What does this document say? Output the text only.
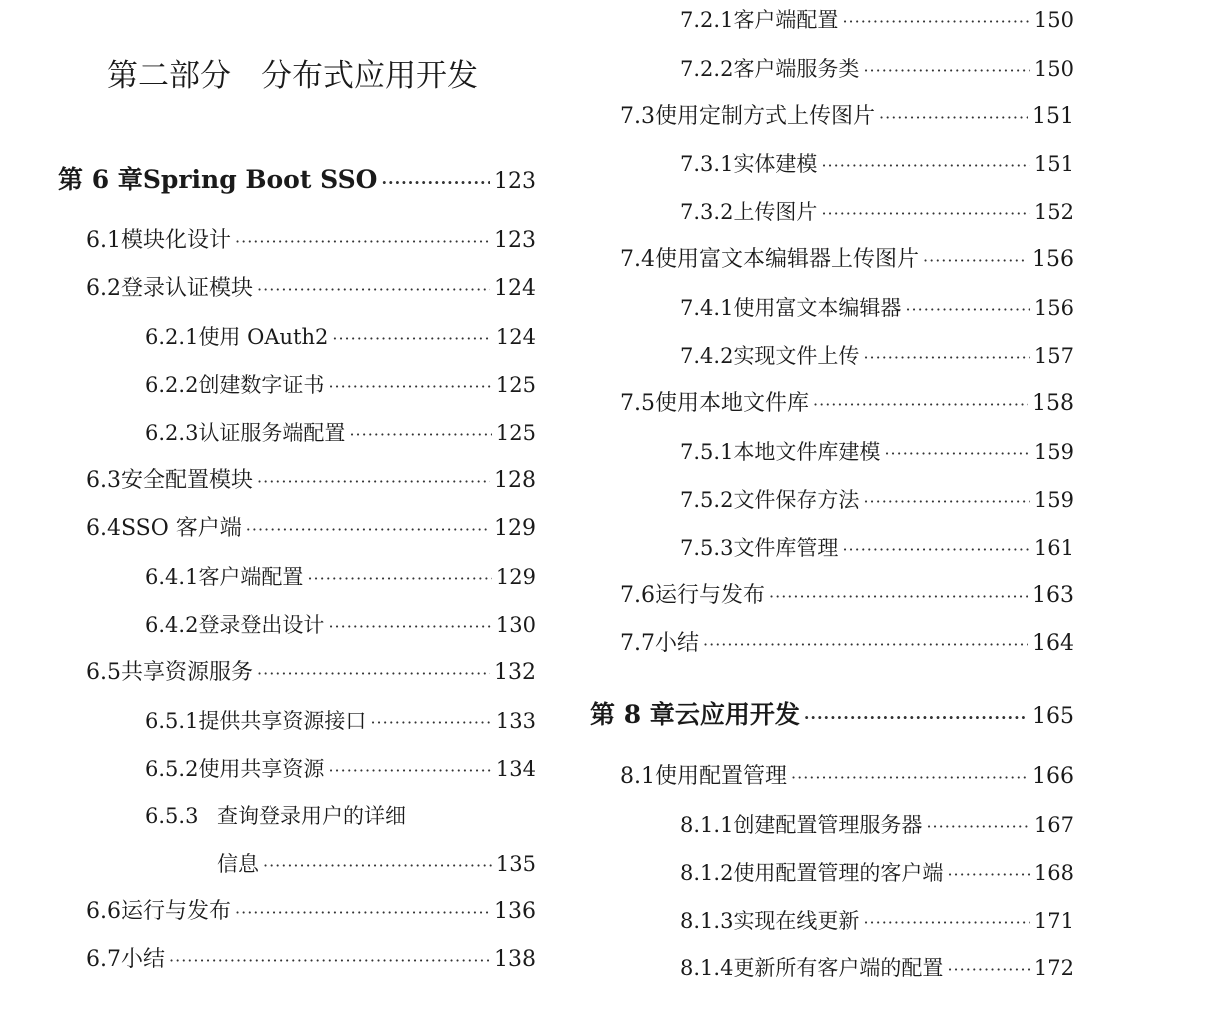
第二部分 分布式应用开发
第 6 章 Spring Boot SSO ·····	123
6.1 模块化设计 ·····	123
6.2 登录认证模块 ·····	124
6.2.1 使用 OAuth2 ·····	124
6.2.2 创建数字证书 ·····	125
6.2.3 认证服务端配置 ·····	125
6.3 安全配置模块 ·····	128
6.4 SSO 客户端 ·····	129
6.4.1 客户端配置 ·····	129
6.4.2 登录登出设计 ·····	130
6.5 共享资源服务 ·····	132
6.5.1 提供共享资源接口 ·····	133
6.5.2 使用共享资源 ·····	134
6.5.3 查询登录用户的详细
信息 ·····	135
6.6 运行与发布 ·····	136
6.7 小结 ·····	138
7.2.1 客户端配置 ·····	150
7.2.2 客户端服务类 ·····	150
7.3 使用定制方式上传图片 ·····	151
7.3.1 实体建模 ·····	151
7.3.2 上传图片 ·····	152
7.4 使用富文本编辑器上传图片 ·····	156
7.4.1 使用富文本编辑器 ·····	156
7.4.2 实现文件上传 ·····	157
7.5 使用本地文件库 ·····	158
7.5.1 本地文件库建模 ·····	159
7.5.2 文件保存方法 ·····	159
7.5.3 文件库管理 ·····	161
7.6 运行与发布 ·····	163
7.7 小结 ·····	164
第 8 章 云应用开发 ·····	165
8.1 使用配置管理 ·····	166
8.1.1 创建配置管理服务器 ·····	167
8.1.2 使用配置管理的客户端 ·····	168
8.1.3 实现在线更新 ·····	171
8.1.4 更新所有客户端的配置 ·····	172
